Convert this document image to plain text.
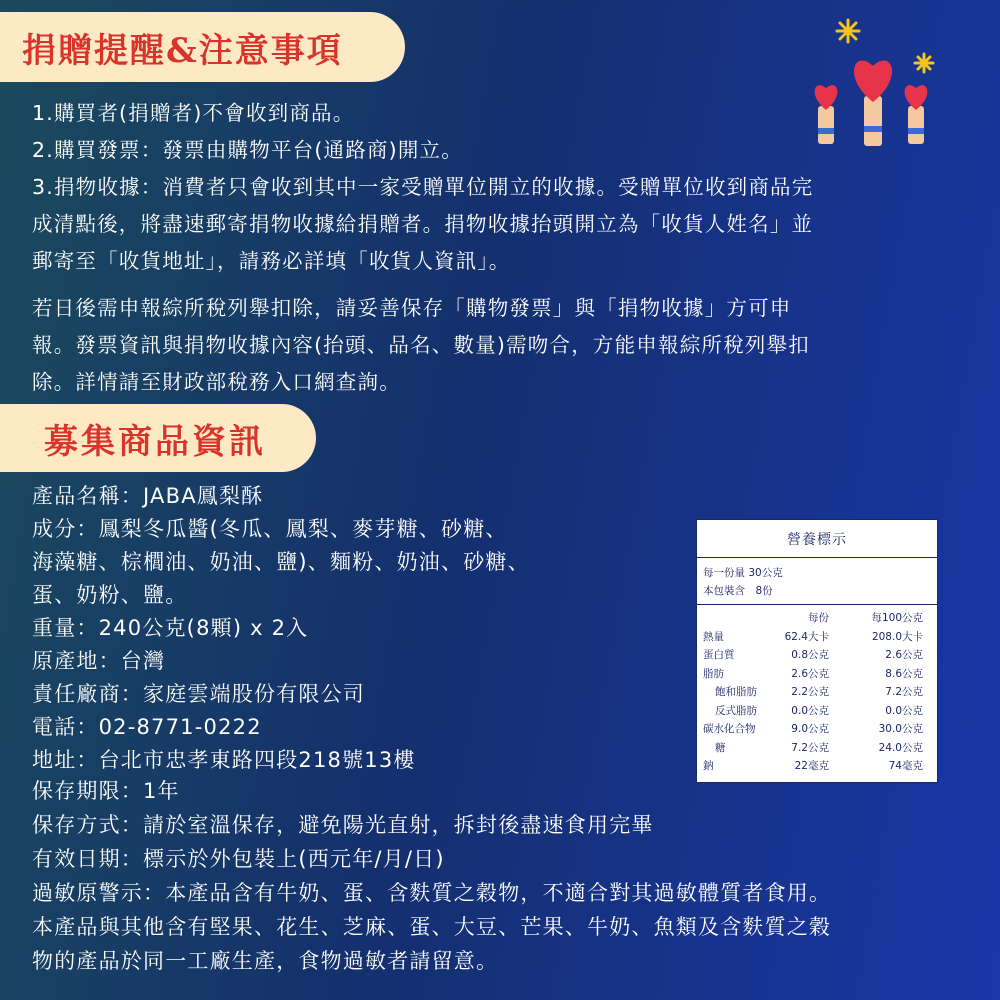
捐贈提醒&注意事項

1.購買者(捐贈者)不會收到商品。

2.購買發票：發票由購物平台(通路商)開立。

3.捐物收據：消費者只會收到其中一家受贈單位開立的收據。受贈單位收到商品完

成清點後，將盡速郵寄捐物收據給捐贈者。捐物收據抬頭開立為「收貨人姓名」並

郵寄至「收貨地址」，請務必詳填「收貨人資訊」。

若日後需申報綜所稅列舉扣除，請妥善保存「購物發票」與「捐物收據」方可申

報。發票資訊與捐物收據內容(抬頭、品名、數量)需吻合，方能申報綜所稅列舉扣

除。詳情請至財政部稅務入口網查詢。

募集商品資訊

產品名稱：JABA鳳梨酥

成分：鳳梨冬瓜醬(冬瓜、鳳梨、麥芽糖、砂糖、

海藻糖、棕櫚油、奶油、鹽)、麵粉、奶油、砂糖、

蛋、奶粉、鹽。

重量：240公克(8顆) x 2入

原產地：台灣

責任廠商：家庭雲端股份有限公司

電話：02-8771-0222

地址：台北市忠孝東路四段218號13樓

營養標示
每一份量 30公克
本包裝含　8份
	每份	每100公克
熱量	62.4大卡	208.0大卡
蛋白質	0.8公克	2.6公克
脂肪	2.6公克	8.6公克
飽和脂肪	2.2公克	7.2公克
反式脂肪	0.0公克	0.0公克
碳水化合物	9.0公克	30.0公克
糖	7.2公克	24.0公克
鈉	22毫克	74毫克

保存期限：1年

保存方式：請於室溫保存，避免陽光直射，拆封後盡速食用完畢

有效日期：標示於外包裝上(西元年/月/日)

過敏原警示：本產品含有牛奶、蛋、含麩質之穀物，不適合對其過敏體質者食用。

本產品與其他含有堅果、花生、芝麻、蛋、大豆、芒果、牛奶、魚類及含麩質之穀

物的產品於同一工廠生產，食物過敏者請留意。
